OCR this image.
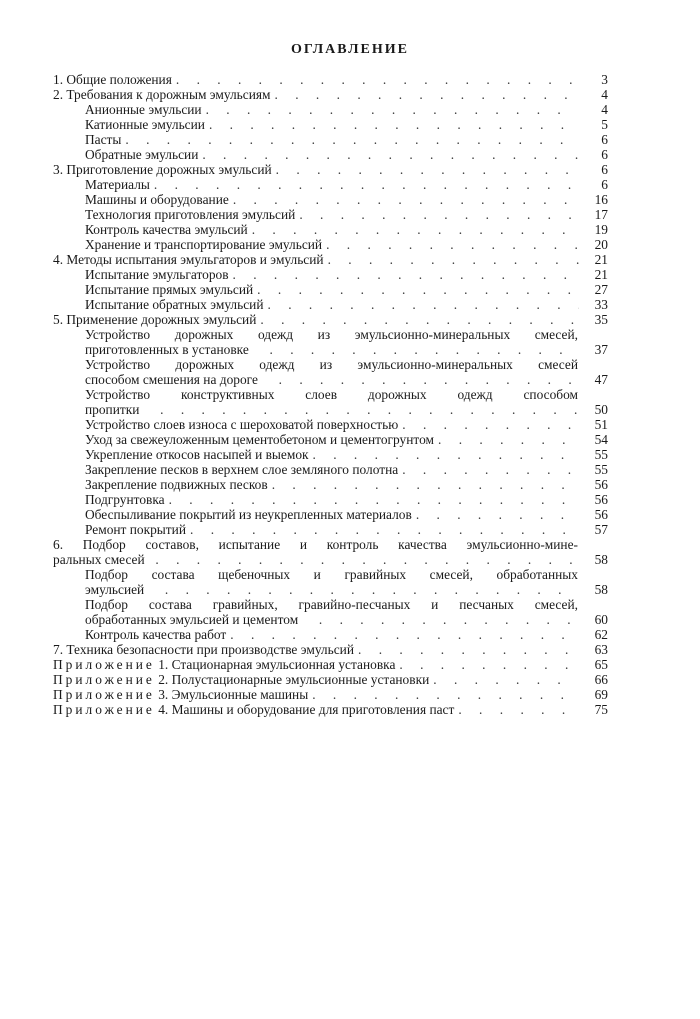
ОГЛАВЛЕНИЕ
1. Общие положения . . .	3
2. Требования к дорожным эмульсиям . . .	4
Анионные эмульсии . . .	4
Катионные эмульсии . . .	5
Пасты . . .	6
Обратные эмульсии . . .	6
3. Приготовление дорожных эмульсий . . .	6
Материалы . . .	6
Машины и оборудование . . .	16
Технология приготовления эмульсий . . .	17
Контроль качества эмульсий . . .	19
Хранение и транспортирование эмульсий . . .	20
4. Методы испытания эмульгаторов и эмульсий . . .	21
Испытание эмульгаторов . . .	21
Испытание прямых эмульсий . . .	27
Испытание обратных эмульсий . . .	33
5. Применение дорожных эмульсий . . .	35
Устройство дорожных одежд из эмульсионно-минеральных смесей,
приготовленных в установке . . .	37
Устройство дорожных одежд из эмульсионно-минеральных смесей
способом смешения на дороге . . .	47
Устройство конструктивных слоев дорожных одежд способом
пропитки . . .	50
Устройство слоев износа с шероховатой поверхностью . . .	51
Уход за свежеуложенным цементобетоном и цементогрунтом . . .	54
Укрепление откосов насыпей и выемок . . .	55
Закрепление песков в верхнем слое земляного полотна . . .	55
Закрепление подвижных песков . . .	56
Подгрунтовка . . .	56
Обеспыливание покрытий из неукрепленных материалов . . .	56
Ремонт покрытий . . .	57
6. Подбор составов, испытание и контроль качества эмульсионно-мине-
ральных смесей . . .	58
Подбор состава щебеночных и гравийных смесей, обработанных
эмульсией . . .	58
Подбор состава гравийных, гравийно-песчаных и песчаных смесей,
обработанных эмульсией и цементом . . .	60
Контроль качества работ . . .	62
7. Техника безопасности при производстве эмульсий . . .	63
Приложение 1. Стационарная эмульсионная установка . . .	65
Приложение 2. Полустационарные эмульсионные установки . . .	66
Приложение 3. Эмульсионные машины . . .	69
Приложение 4. Машины и оборудование для приготовления паст . . .	75
